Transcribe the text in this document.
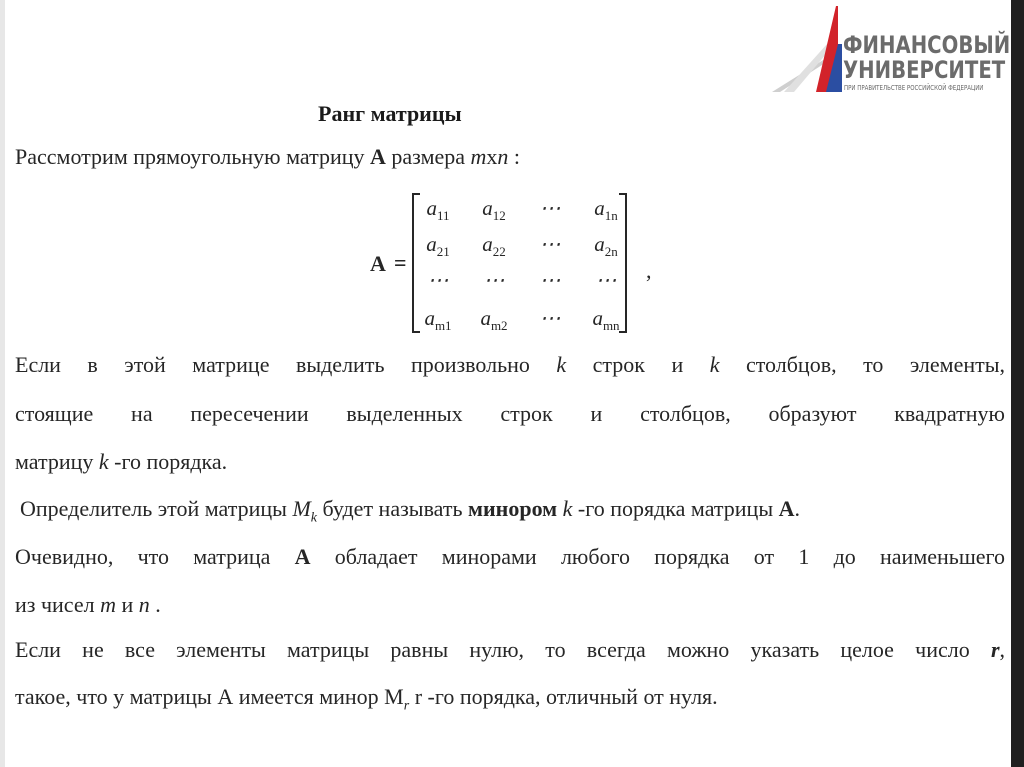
ФИНАНСОВЫЙ
УНИВЕРСИТЕТ
ПРИ ПРАВИТЕЛЬСТВЕ РОССИЙСКОЙ ФЕДЕРАЦИИ
Ранг матрицы
Рассмотрим прямоугольную матрицу A размера mxn :
A =
$a_{11}$	$a_{12}$	⋯	$a_{1n}$
$a_{21}$	$a_{22}$	⋯	$a_{2n}$
⋯	⋯	⋯	⋯
$a_{m1}$	$a_{m2}$	⋯	$a_{mn}$
,
Если в этой матрице выделить произвольно k строк и k столбцов, то элементы,
стоящие на пересечении выделенных строк и столбцов, образуют квадратную
матрицу k -го порядка.
Определитель этой матрицы $M_k$ будет называть минором k -го порядка матрицы А.
Очевидно, что матрица А обладает минорами любого порядка от 1 до наименьшего
из чисел m и n .
Если не все элементы матрицы равны нулю, то всегда можно указать целое число r,
такое, что у матрицы А имеется минор $М_r$ r -го порядка, отличный от нуля.
